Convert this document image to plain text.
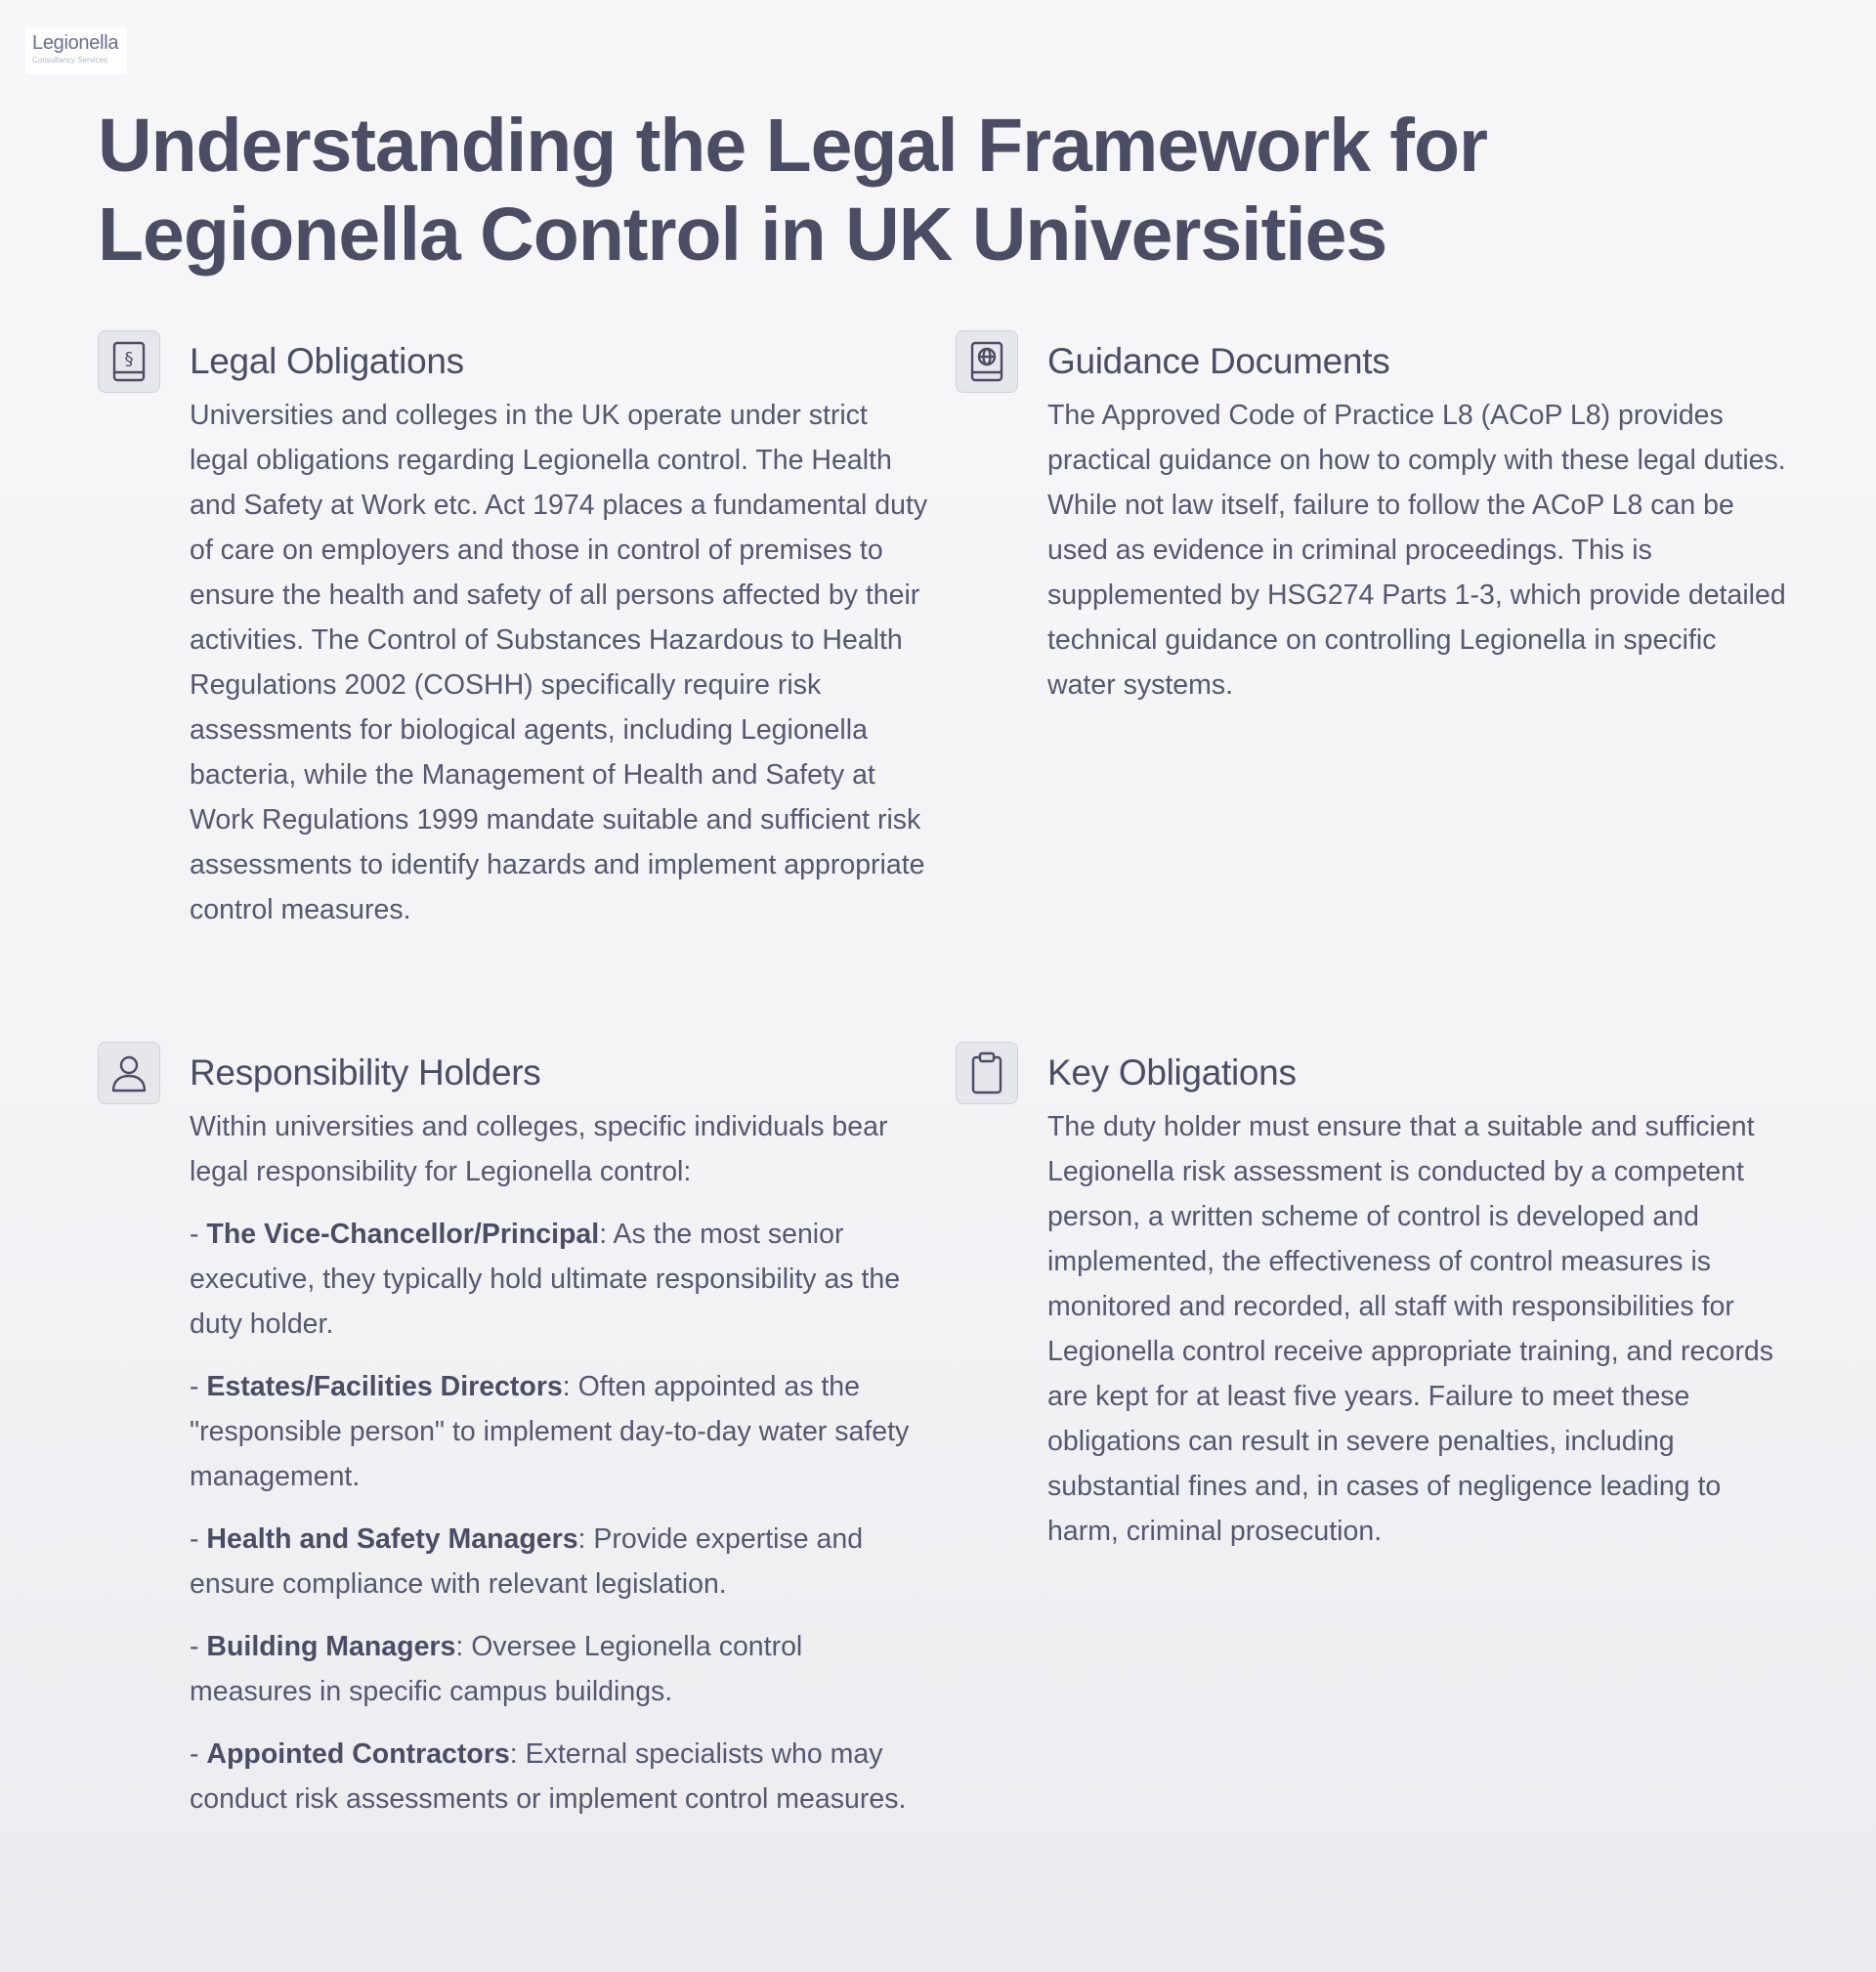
Legionella
Consultancy Services
Understanding the Legal Framework for Legionella Control in UK Universities
§ Legal Obligations

Universities and colleges in the UK operate under strict legal obligations regarding Legionella control. The Health and Safety at Work etc. Act 1974 places a fundamental duty of care on employers and those in control of premises to ensure the health and safety of all persons affected by their activities. The Control of Substances Hazardous to Health Regulations 2002 (COSHH) specifically require risk assessments for biological agents, including Legionella bacteria, while the Management of Health and Safety at Work Regulations 1999 mandate suitable and sufficient risk assessments to identify hazards and implement appropriate control measures.

Guidance Documents

The Approved Code of Practice L8 (ACoP L8) provides practical guidance on how to comply with these legal duties. While not law itself, failure to follow the ACoP L8 can be used as evidence in criminal proceedings. This is supplemented by HSG274 Parts 1-3, which provide detailed technical guidance on controlling Legionella in specific water systems.

Responsibility Holders

Within universities and colleges, specific individuals bear legal responsibility for Legionella control:

- The Vice-Chancellor/Principal: As the most senior executive, they typically hold ultimate responsibility as the duty holder.

- Estates/Facilities Directors: Often appointed as the "responsible person" to implement day-to-day water safety management.

- Health and Safety Managers: Provide expertise and ensure compliance with relevant legislation.

- Building Managers: Oversee Legionella control measures in specific campus buildings.

- Appointed Contractors: External specialists who may conduct risk assessments or implement control measures.

Key Obligations

The duty holder must ensure that a suitable and sufficient Legionella risk assessment is conducted by a competent person, a written scheme of control is developed and implemented, the effectiveness of control measures is monitored and recorded, all staff with responsibilities for Legionella control receive appropriate training, and records are kept for at least five years. Failure to meet these obligations can result in severe penalties, including substantial fines and, in cases of negligence leading to harm, criminal prosecution.
